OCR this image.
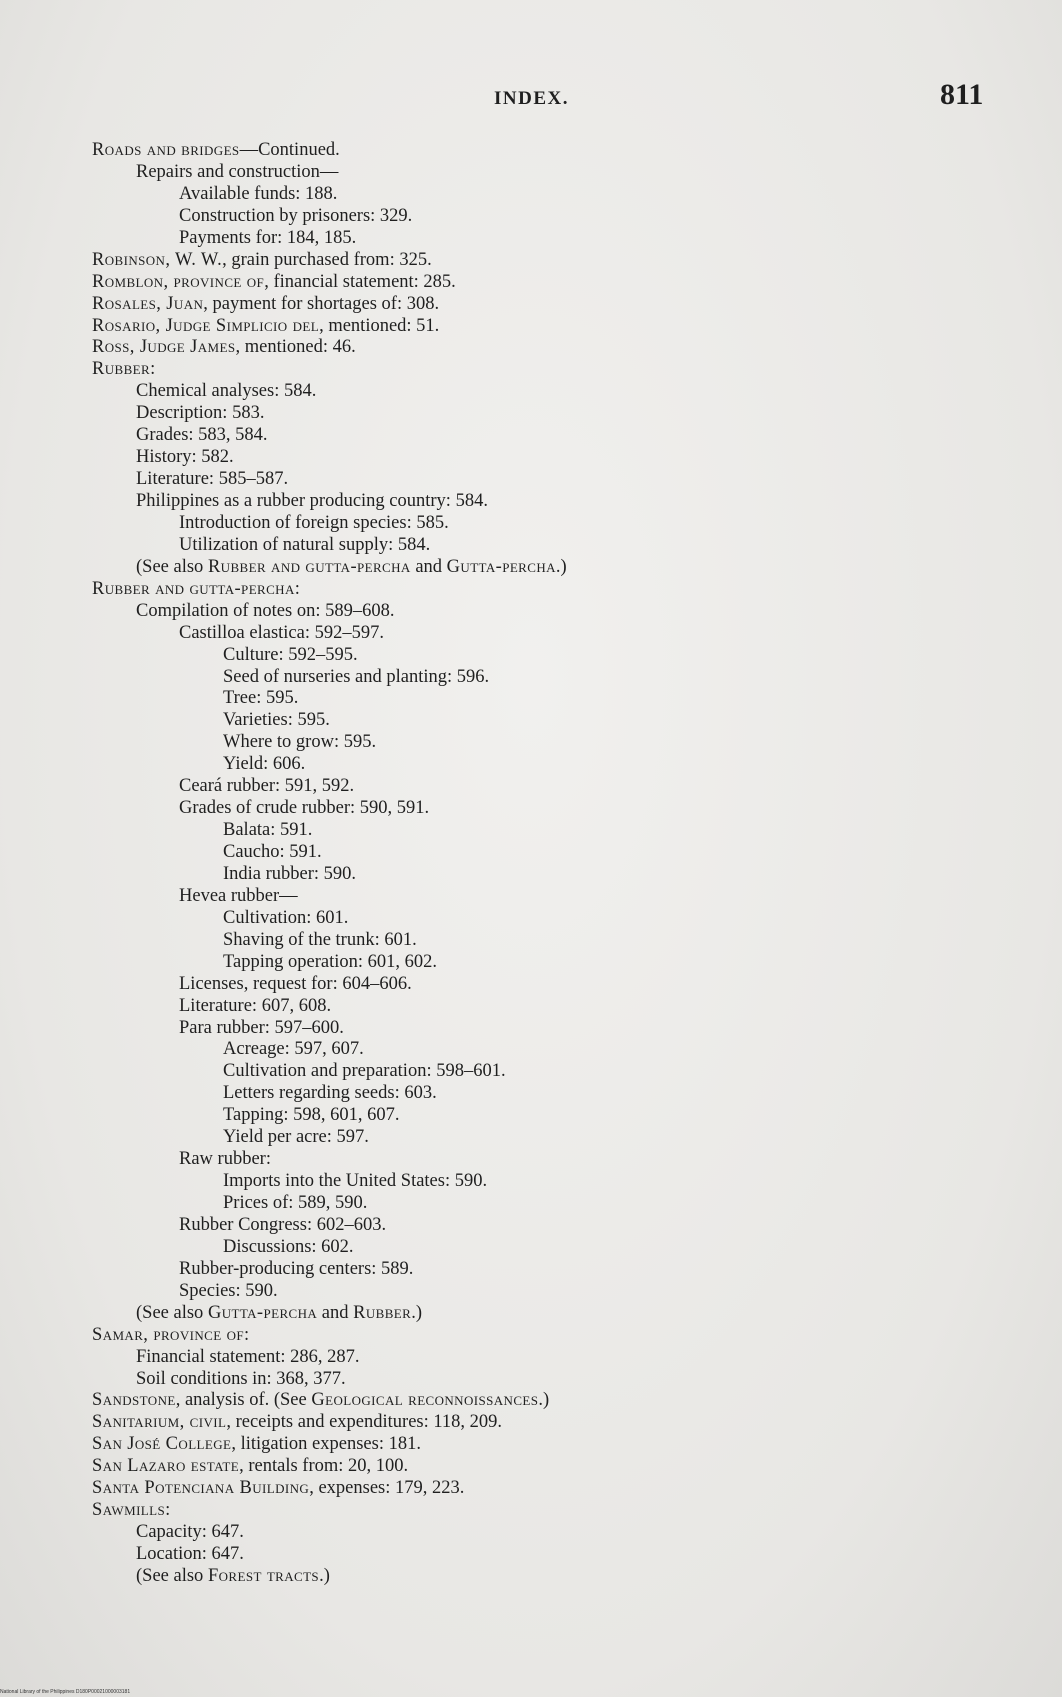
INDEX.	811
Roads and bridges—Continued.
Repairs and construction—
Available funds: 188.
Construction by prisoners: 329.
Payments for: 184, 185.
Robinson, W. W., grain purchased from: 325.
Romblon, province of, financial statement: 285.
Rosales, Juan, payment for shortages of: 308.
Rosario, Judge Simplicio del, mentioned: 51.
Ross, Judge James, mentioned: 46.
Rubber:
Chemical analyses: 584.
Description: 583.
Grades: 583, 584.
History: 582.
Literature: 585–587.
Philippines as a rubber producing country: 584.
Introduction of foreign species: 585.
Utilization of natural supply: 584.
(See also Rubber and gutta-percha and Gutta-percha.)
Rubber and gutta-percha:
Compilation of notes on: 589–608.
Castilloa elastica: 592–597.
Culture: 592–595.
Seed of nurseries and planting: 596.
Tree: 595.
Varieties: 595.
Where to grow: 595.
Yield: 606.
Ceará rubber: 591, 592.
Grades of crude rubber: 590, 591.
Balata: 591.
Caucho: 591.
India rubber: 590.
Hevea rubber—
Cultivation: 601.
Shaving of the trunk: 601.
Tapping operation: 601, 602.
Licenses, request for: 604–606.
Literature: 607, 608.
Para rubber: 597–600.
Acreage: 597, 607.
Cultivation and preparation: 598–601.
Letters regarding seeds: 603.
Tapping: 598, 601, 607.
Yield per acre: 597.
Raw rubber:
Imports into the United States: 590.
Prices of: 589, 590.
Rubber Congress: 602–603.
Discussions: 602.
Rubber-producing centers: 589.
Species: 590.
(See also Gutta-percha and Rubber.)
Samar, province of:
Financial statement: 286, 287.
Soil conditions in: 368, 377.
Sandstone, analysis of. (See Geological reconnoissances.)
Sanitarium, civil, receipts and expenditures: 118, 209.
San José College, litigation expenses: 181.
San Lazaro estate, rentals from: 20, 100.
Santa Potenciana Building, expenses: 179, 223.
Sawmills:
Capacity: 647.
Location: 647.
(See also Forest tracts.)
National Library of the Philippines D180P00021000003181
